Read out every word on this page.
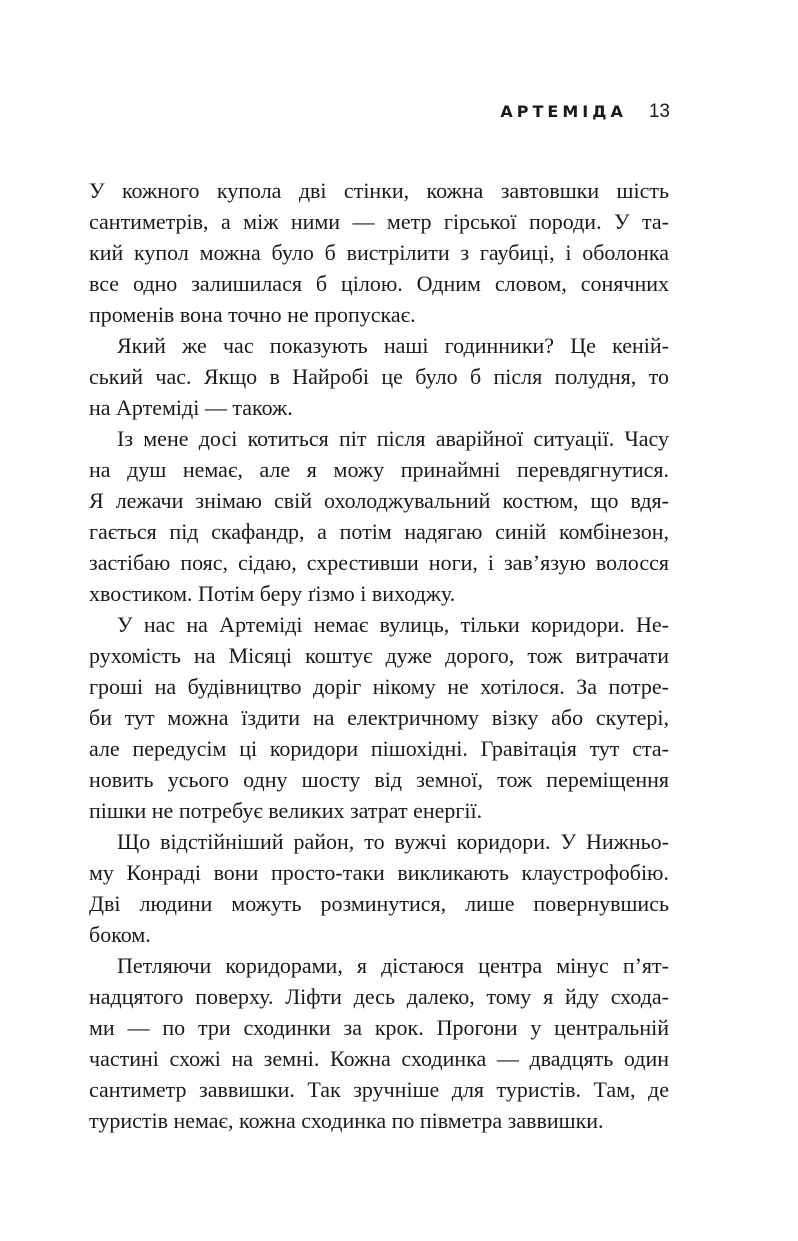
АРТЕМІДА 13

У кожного купола дві стінки, кожна завтовшки шість
сантиметрів, а між ними — метр гірської породи. У та-
кий купол можна було б вистрілити з гаубиці, і оболонка
все одно залишилася б цілою. Одним словом, сонячних
променів вона точно не пропускає.

Який же час показують наші годинники? Це кеній-
ський час. Якщо в Найробі це було б після полудня, то
на Артеміді — також.

Із мене досі котиться піт після аварійної ситуації. Часу
на душ немає, але я можу принаймні перевдягнутися.
Я лежачи знімаю свій охолоджувальний костюм, що вдя-
гається під скафандр, а потім надягаю синій комбінезон,
застібаю пояс, сідаю, схрестивши ноги, і зав’язую волосся
хвостиком. Потім беру ґізмо і виходжу.

У нас на Артеміді немає вулиць, тільки коридори. Не-
рухомість на Місяці коштує дуже дорого, тож витрачати
гроші на будівництво доріг нікому не хотілося. За потре-
би тут можна їздити на електричному візку або скутері,
але передусім ці коридори пішохідні. Гравітація тут ста-
новить усього одну шосту від земної, тож переміщення
пішки не потребує великих затрат енергії.

Що відстійніший район, то вужчі коридори. У Нижньо-
му Конраді вони просто-таки викликають клаустрофобію.
Дві людини можуть розминутися, лише повернувшись
боком.

Петляючи коридорами, я дістаюся центра мінус п’ят-
надцятого поверху. Ліфти десь далеко, тому я йду схода-
ми — по три сходинки за крок. Прогони у центральній
частині схожі на земні. Кожна сходинка — двадцять один
сантиметр заввишки. Так зручніше для туристів. Там, де
туристів немає, кожна сходинка по півметра заввишки.
